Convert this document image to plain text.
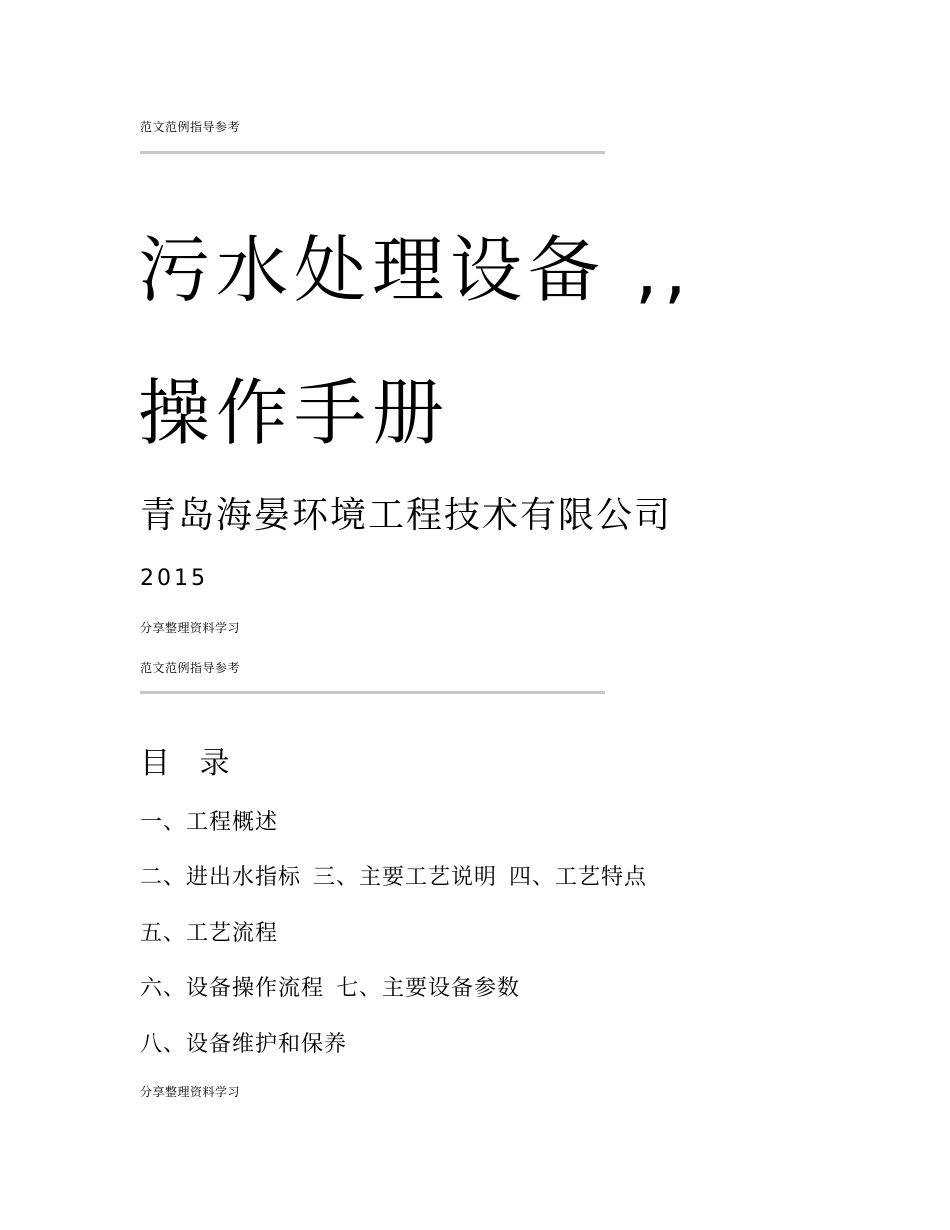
范文范例指导参考
污水处理设备 ,,
操作手册
青岛海晏环境工程技术有限公司
2015
分享整理资料学习
范文范例指导参考
目 录
一、工程概述
二、进出水指标 三、主要工艺说明 四、工艺特点
五、工艺流程
六、设备操作流程 七、主要设备参数
八、设备维护和保养
分享整理资料学习
